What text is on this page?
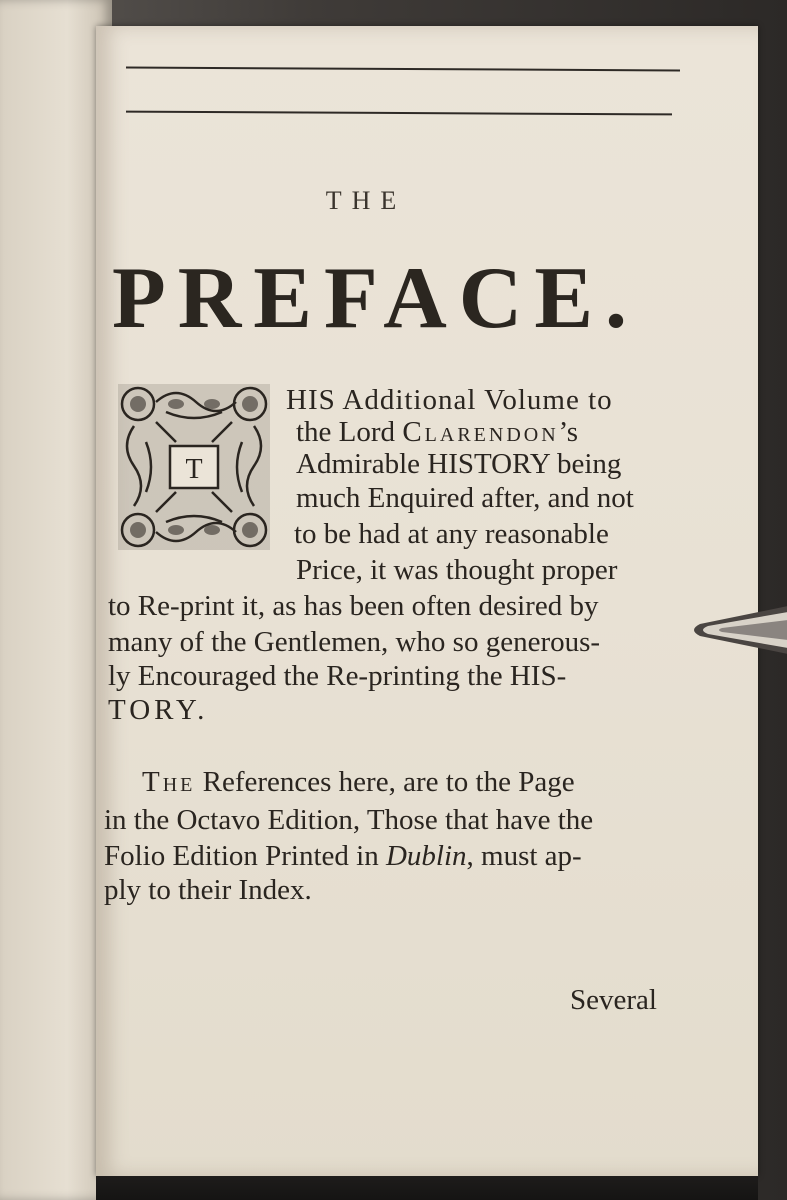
THE
PREFACE.
T
HIS Additional Volume to
the Lord Clarendon’s
Admirable HISTORY being
much Enquired after, and not
to be had at any reasonable
Price, it was thought proper
to Re-print it, as has been often desired by
many of the Gentlemen, who so generous-
ly Encouraged the Re-printing the HIS-
TORY.
The References here, are to the Page
in the Octavo Edition, Those that have the
Folio Edition Printed in Dublin, must ap-
ply to their Index.
Several
